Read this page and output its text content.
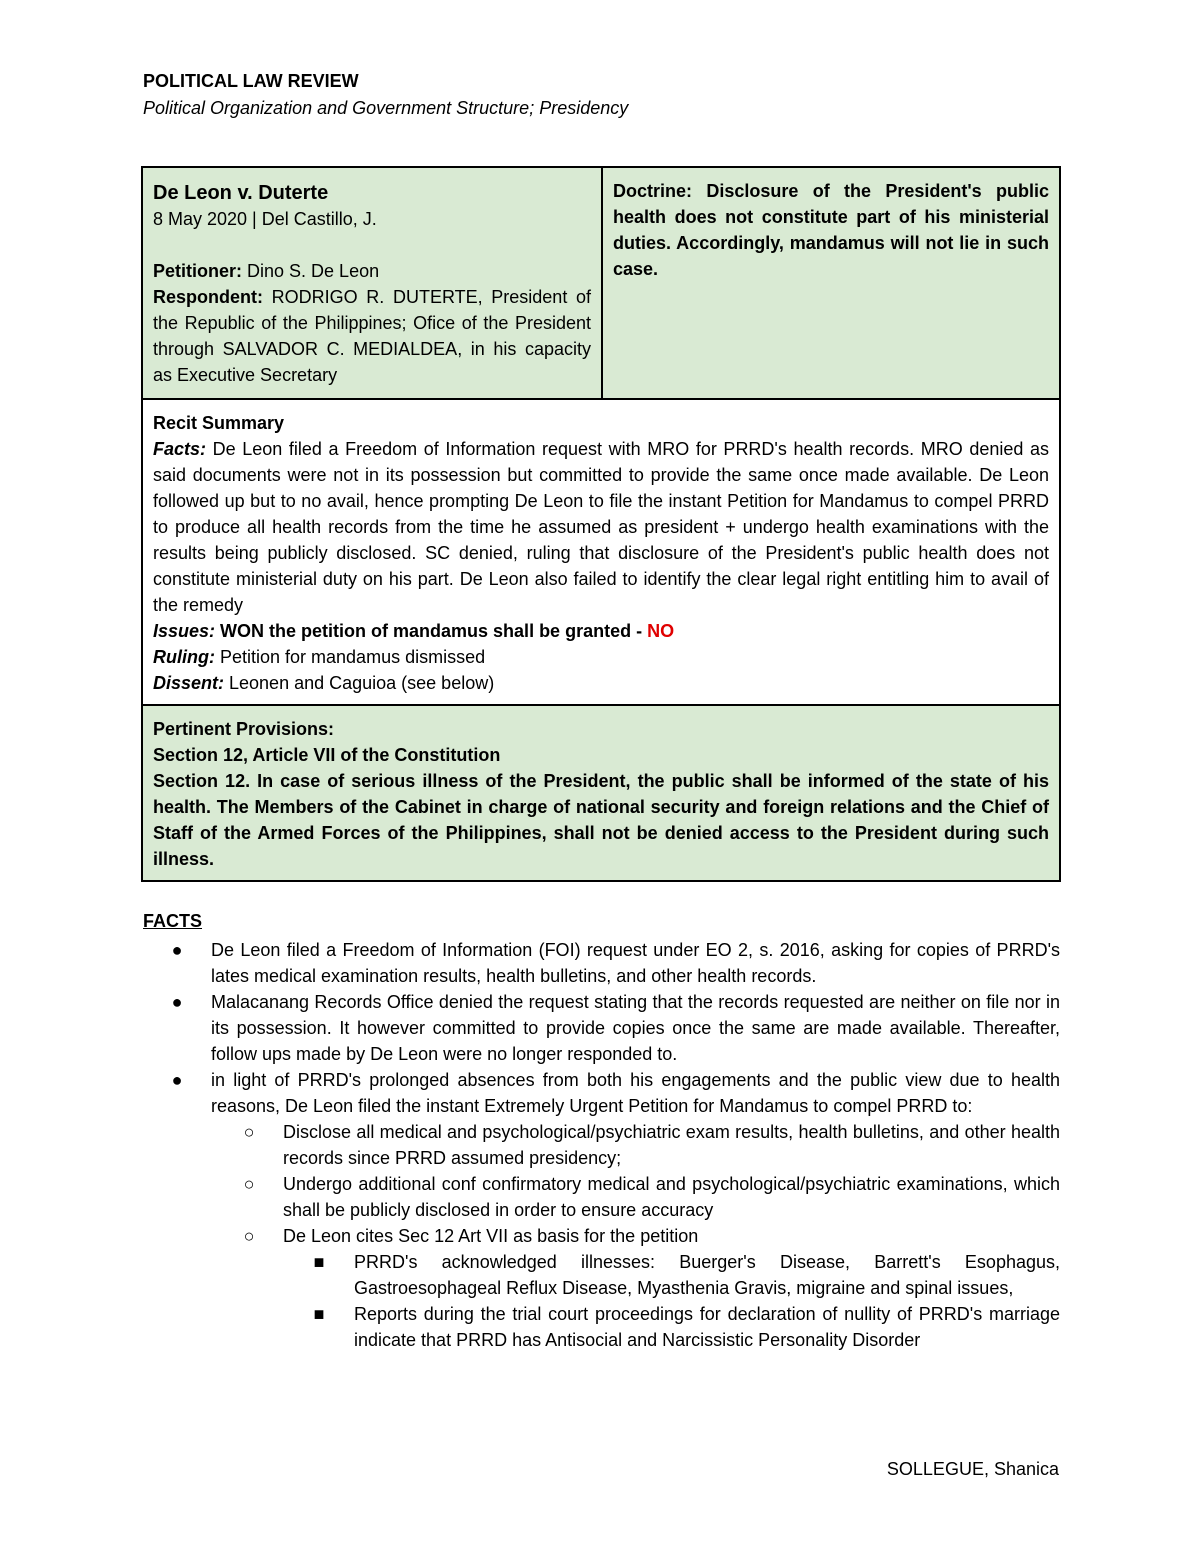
POLITICAL LAW REVIEW
Political Organization and Government Structure; Presidency
De Leon v. Duterte
8 May 2020 | Del Castillo, J.
Petitioner: Dino S. De Leon
Respondent: RODRIGO R. DUTERTE, President of the Republic of the Philippines; Ofice of the President through SALVADOR C. MEDIALDEA, in his capacity as Executive Secretary
Doctrine: Disclosure of the President's public health does not constitute part of his ministerial duties. Accordingly, mandamus will not lie in such case.
Recit Summary
Facts: De Leon filed a Freedom of Information request with MRO for PRRD's health records. MRO denied as said documents were not in its possession but committed to provide the same once made available. De Leon followed up but to no avail, hence prompting De Leon to file the instant Petition for Mandamus to compel PRRD to produce all health records from the time he assumed as president + undergo health examinations with the results being publicly disclosed. SC denied, ruling that disclosure of the President's public health does not constitute ministerial duty on his part. De Leon also failed to identify the clear legal right entitling him to avail of the remedy
Issues: WON the petition of mandamus shall be granted - NO
Ruling: Petition for mandamus dismissed
Dissent: Leonen and Caguioa (see below)
Pertinent Provisions:
Section 12, Article VII of the Constitution
Section 12. In case of serious illness of the President, the public shall be informed of the state of his health. The Members of the Cabinet in charge of national security and foreign relations and the Chief of Staff of the Armed Forces of the Philippines, shall not be denied access to the President during such illness.
FACTS
● De Leon filed a Freedom of Information (FOI) request under EO 2, s. 2016, asking for copies of PRRD's lates medical examination results, health bulletins, and other health records.
● Malacanang Records Office denied the request stating that the records requested are neither on file nor in its possession. It however committed to provide copies once the same are made available. Thereafter, follow ups made by De Leon were no longer responded to.
● in light of PRRD's prolonged absences from both his engagements and the public view due to health reasons, De Leon filed the instant Extremely Urgent Petition for Mandamus to compel PRRD to:
○ Disclose all medical and psychological/psychiatric exam results, health bulletins, and other health records since PRRD assumed presidency;
○ Undergo additional conf confirmatory medical and psychological/psychiatric examinations, which shall be publicly disclosed in order to ensure accuracy
○ De Leon cites Sec 12 Art VII as basis for the petition
■ PRRD's acknowledged illnesses: Buerger's Disease, Barrett's Esophagus, Gastroesophageal Reflux Disease, Myasthenia Gravis, migraine and spinal issues,
■ Reports during the trial court proceedings for declaration of nullity of PRRD's marriage indicate that PRRD has Antisocial and Narcissistic Personality Disorder
SOLLEGUE, Shanica
